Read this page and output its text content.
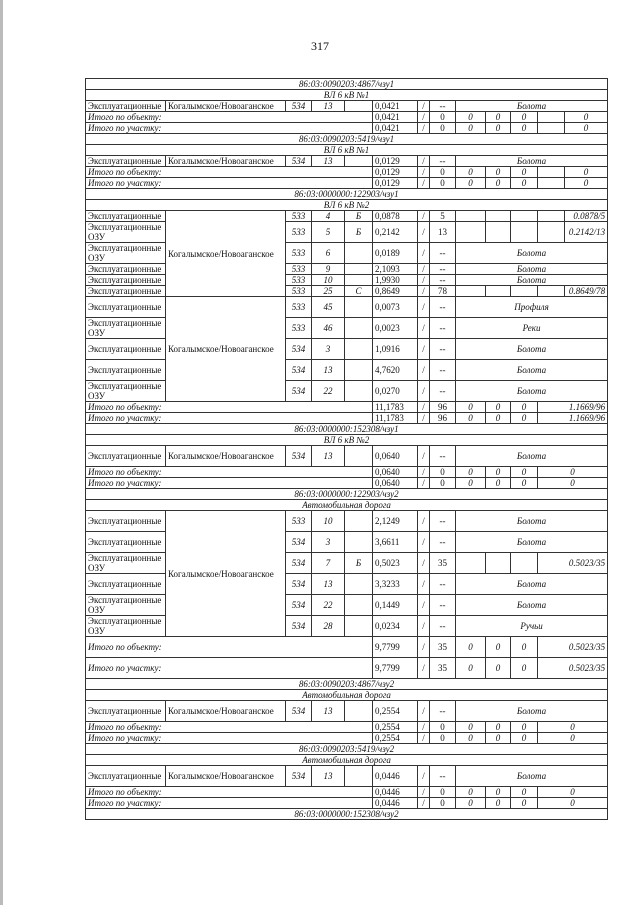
317
86:03:0090203:4867/чзу1												
ВЛ 6 кВ №1												
Эксплуатационные	Когалымское/Новоаганское	534	13		0,0421	/	--	Болота				
Итого по объекту:					0,0421	/	0	0	0	0		0
Итого по участку:					0,0421	/	0	0	0	0		0
86:03:0090203:5419/чзу1												
ВЛ 6 кВ №1												
Эксплуатационные	Когалымское/Новоаганское	534	13		0,0129	/	--	Болота				
Итого по объекту:					0,0129	/	0	0	0	0		0
Итого по участку:					0,0129	/	0	0	0	0		0
86:03:0000000:122903/чзу1												
ВЛ 6 кВ №2												
Эксплуатационные	Когалымское/Новоаганское	533	4	Б	0,0878	/	5					0.0878/5
Эксплуатационные ОЗУ		533	5	Б	0,2142	/	13					0.2142/13
Эксплуатационные ОЗУ		533	6		0,0189	/	--	Болота				
Эксплуатационные		533	9		2,1093	/	--	Болота				
Эксплуатационные		533	10		1,9930	/	--	Болота				
Эксплуатационные		533	25	С	0,8649	/	78					0.8649/78
Эксплуатационные	Когалымское/Новоаганское	533	45		0,0073	/	--	Профиля				
Эксплуатационные ОЗУ		533	46		0,0023	/	--	Реки				
Эксплуатационные		534	3		1,0916	/	--	Болота				
Эксплуатационные		534	13		4,7620	/	--	Болота				
Эксплуатационные ОЗУ		534	22		0,0270	/	--	Болота				
Итого по объекту:					11,1783	/	96	0	0	0	1.1669/96	
Итого по участку:					11,1783	/	96	0	0	0	1.1669/96	
86:03:0000000:152308/чзу1												
ВЛ 6 кВ №2												
Эксплуатационные	Когалымское/Новоаганское	534	13		0,0640	/	--	Болота				
Итого по объекту:					0,0640	/	0	0	0	0	0	
Итого по участку:					0,0640	/	0	0	0	0	0	
86:03:0000000:122903/чзу2												
Автомобильная дорога												
Эксплуатационные	Когалымское/Новоаганское	533	10		2,1249	/	--	Болота				
Эксплуатационные		534	3		3,6611	/	--	Болота				
Эксплуатационные ОЗУ		534	7	Б	0,5023	/	35				0.5023/35	
Эксплуатационные		534	13		3,3233	/	--	Болота				
Эксплуатационные ОЗУ		534	22		0,1449	/	--	Болота				
Эксплуатационные ОЗУ		534	28		0,0234	/	--	Ручьи				
Итого по объекту:					9,7799	/	35	0	0	0	0.5023/35	
Итого по участку:					9,7799	/	35	0	0	0	0.5023/35	
86:03:0090203:4867/чзу2												
Автомобильная дорога												
Эксплуатационные	Когалымское/Новоаганское	534	13		0,2554	/	--	Болота				
Итого по объекту:					0,2554	/	0	0	0	0	0	
Итого по участку:					0,2554	/	0	0	0	0	0	
86:03:0090203:5419/чзу2												
Автомобильная дорога												
Эксплуатационные	Когалымское/Новоаганское	534	13		0,0446	/	--	Болота				
Итого по объекту:					0,0446	/	0	0	0	0	0	
Итого по участку:					0,0446	/	0	0	0	0	0	
86:03:0000000:152308/чзу2												
